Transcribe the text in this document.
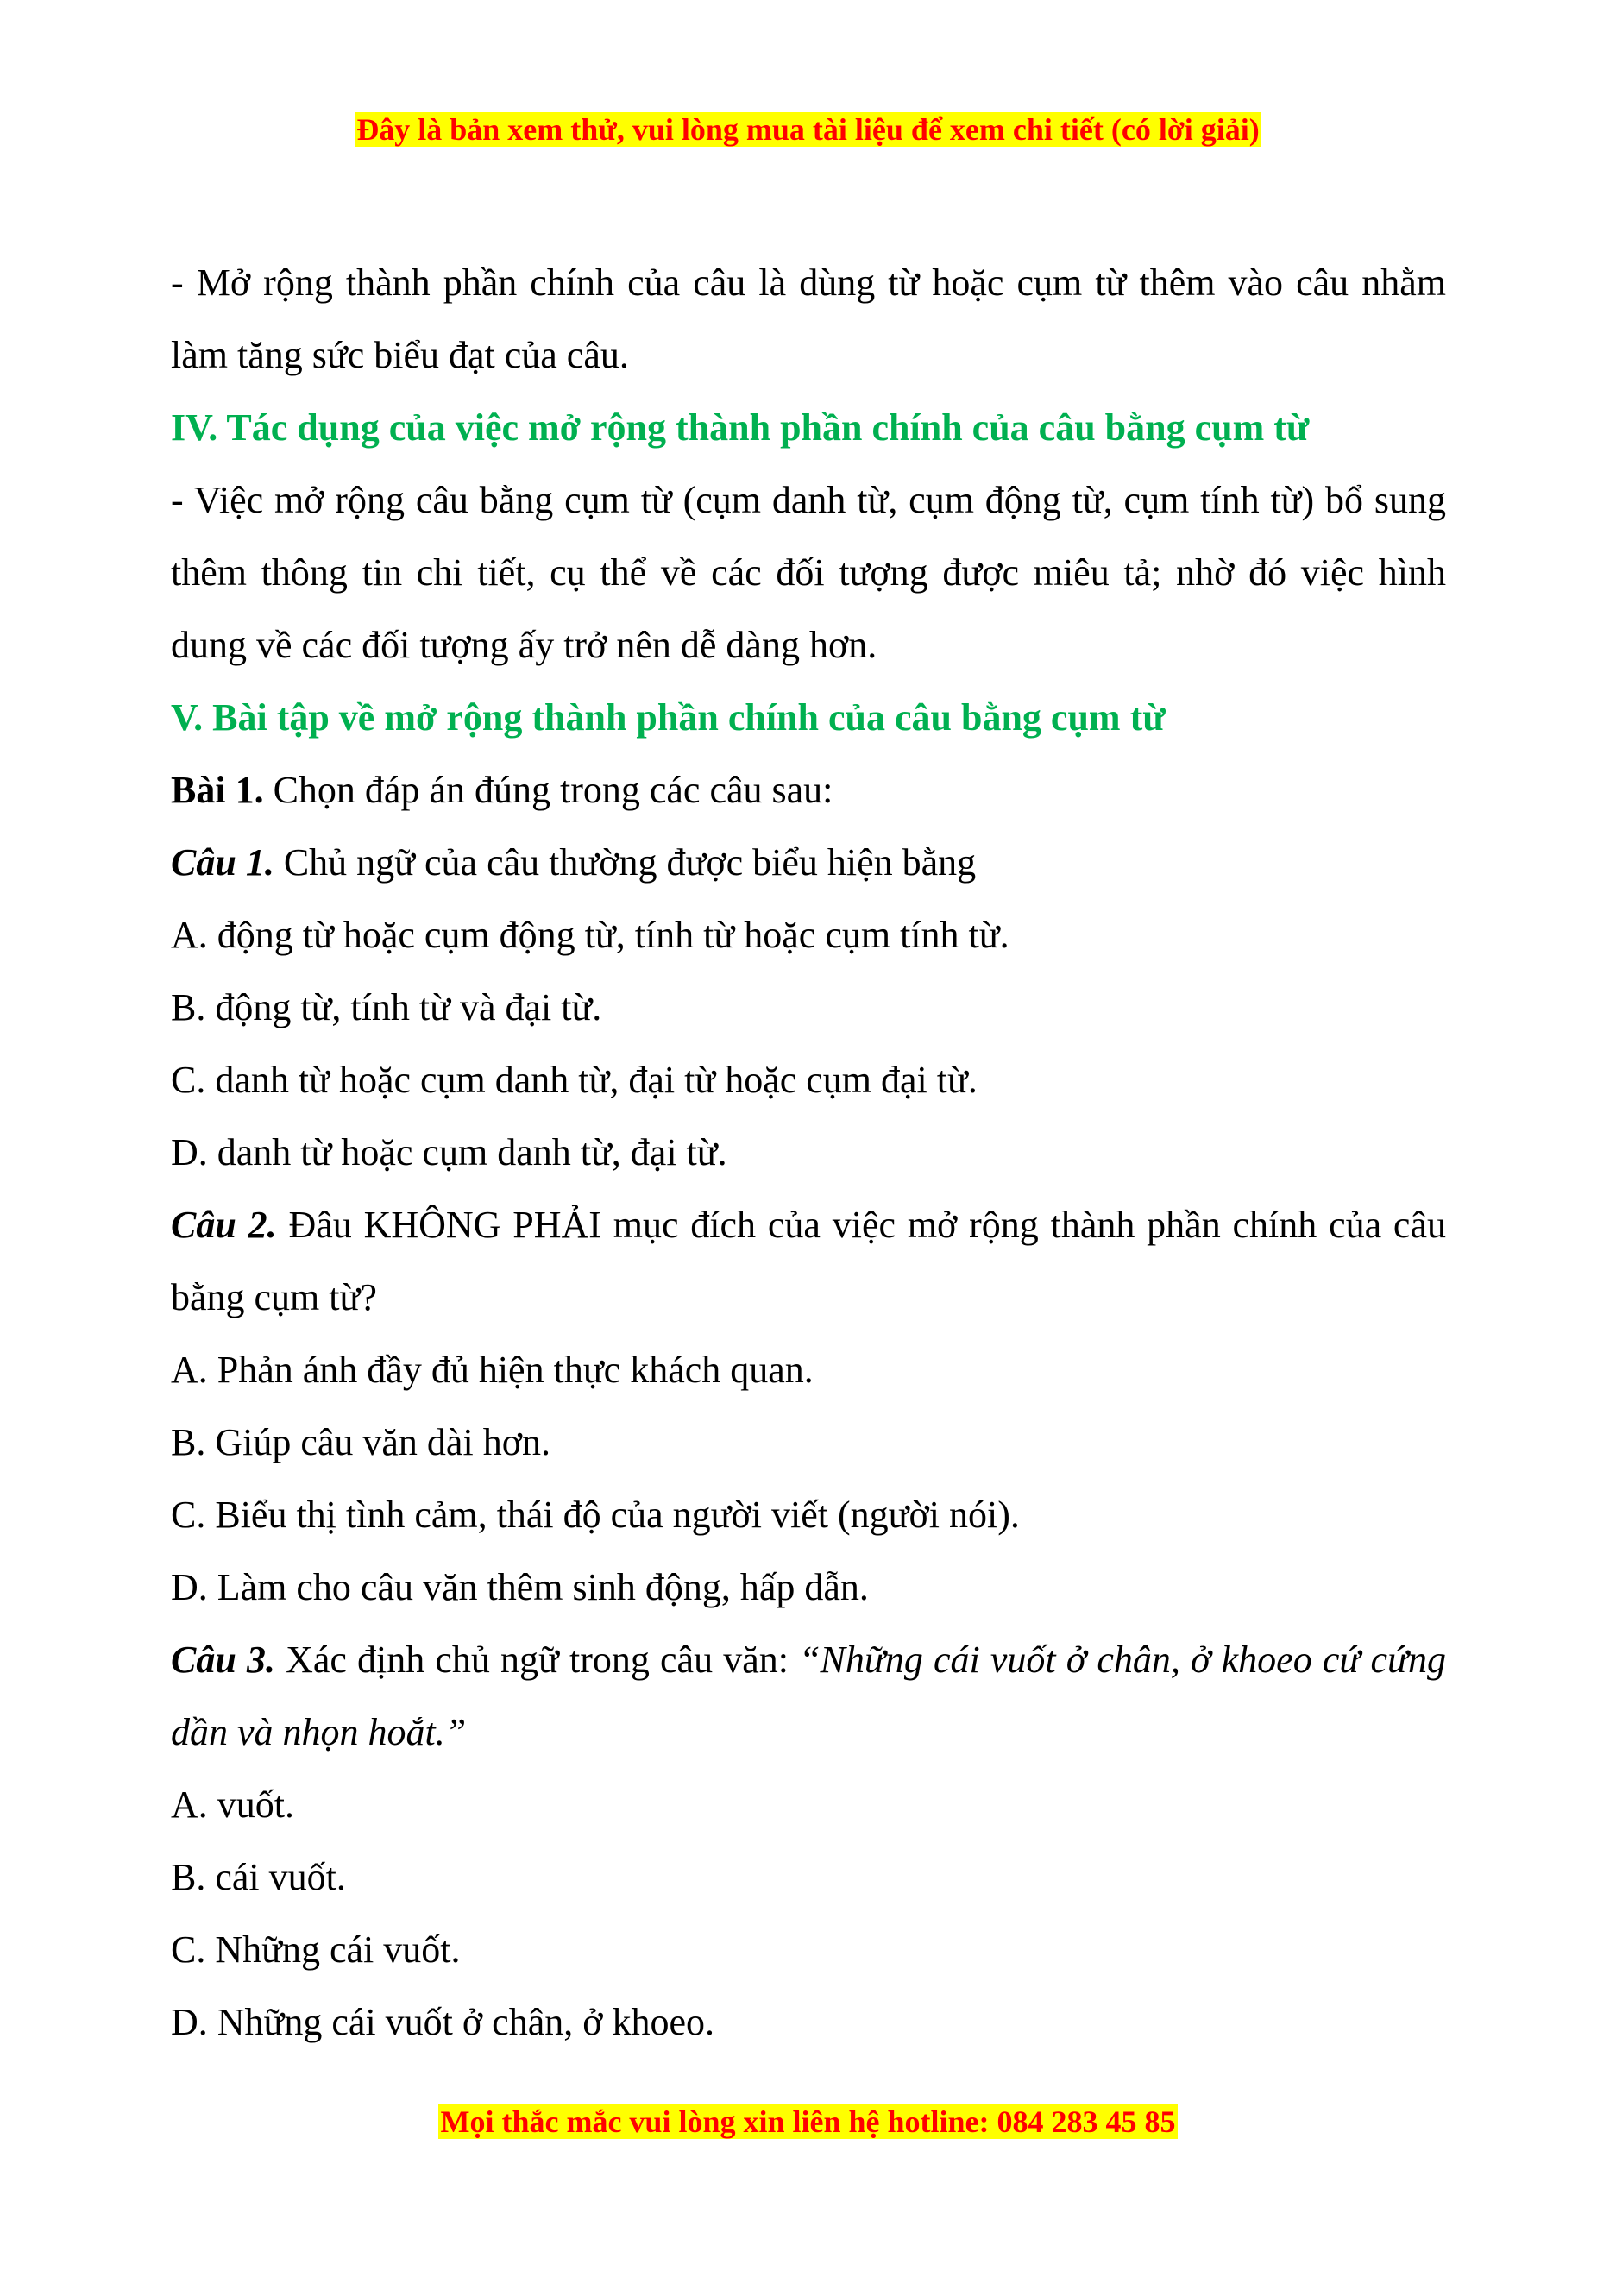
Đây là bản xem thử, vui lòng mua tài liệu để xem chi tiết (có lời giải)

- Mở rộng thành phần chính của câu là dùng từ hoặc cụm từ thêm vào câu nhằm làm tăng sức biểu đạt của câu.

IV. Tác dụng của việc mở rộng thành phần chính của câu bằng cụm từ

- Việc mở rộng câu bằng cụm từ (cụm danh từ, cụm động từ, cụm tính từ) bổ sung thêm thông tin chi tiết, cụ thể về các đối tượng được miêu tả; nhờ đó việc hình dung về các đối tượng ấy trở nên dễ dàng hơn.

V. Bài tập về mở rộng thành phần chính của câu bằng cụm từ

Bài 1. Chọn đáp án đúng trong các câu sau:

Câu 1. Chủ ngữ của câu thường được biểu hiện bằng

A. động từ hoặc cụm động từ, tính từ hoặc cụm tính từ.

B. động từ, tính từ và đại từ.

C. danh từ hoặc cụm danh từ, đại từ hoặc cụm đại từ.

D. danh từ hoặc cụm danh từ, đại từ.

Câu 2. Đâu KHÔNG PHẢI mục đích của việc mở rộng thành phần chính của câu bằng cụm từ?

A. Phản ánh đầy đủ hiện thực khách quan.

B. Giúp câu văn dài hơn.

C. Biểu thị tình cảm, thái độ của người viết (người nói).

D. Làm cho câu văn thêm sinh động, hấp dẫn.

Câu 3. Xác định chủ ngữ trong câu văn: “Những cái vuốt ở chân, ở khoeo cứ cứng dần và nhọn hoắt.”

A. vuốt.

B. cái vuốt.

C. Những cái vuốt.

D. Những cái vuốt ở chân, ở khoeo.

Mọi thắc mắc vui lòng xin liên hệ hotline: 084 283 45 85
